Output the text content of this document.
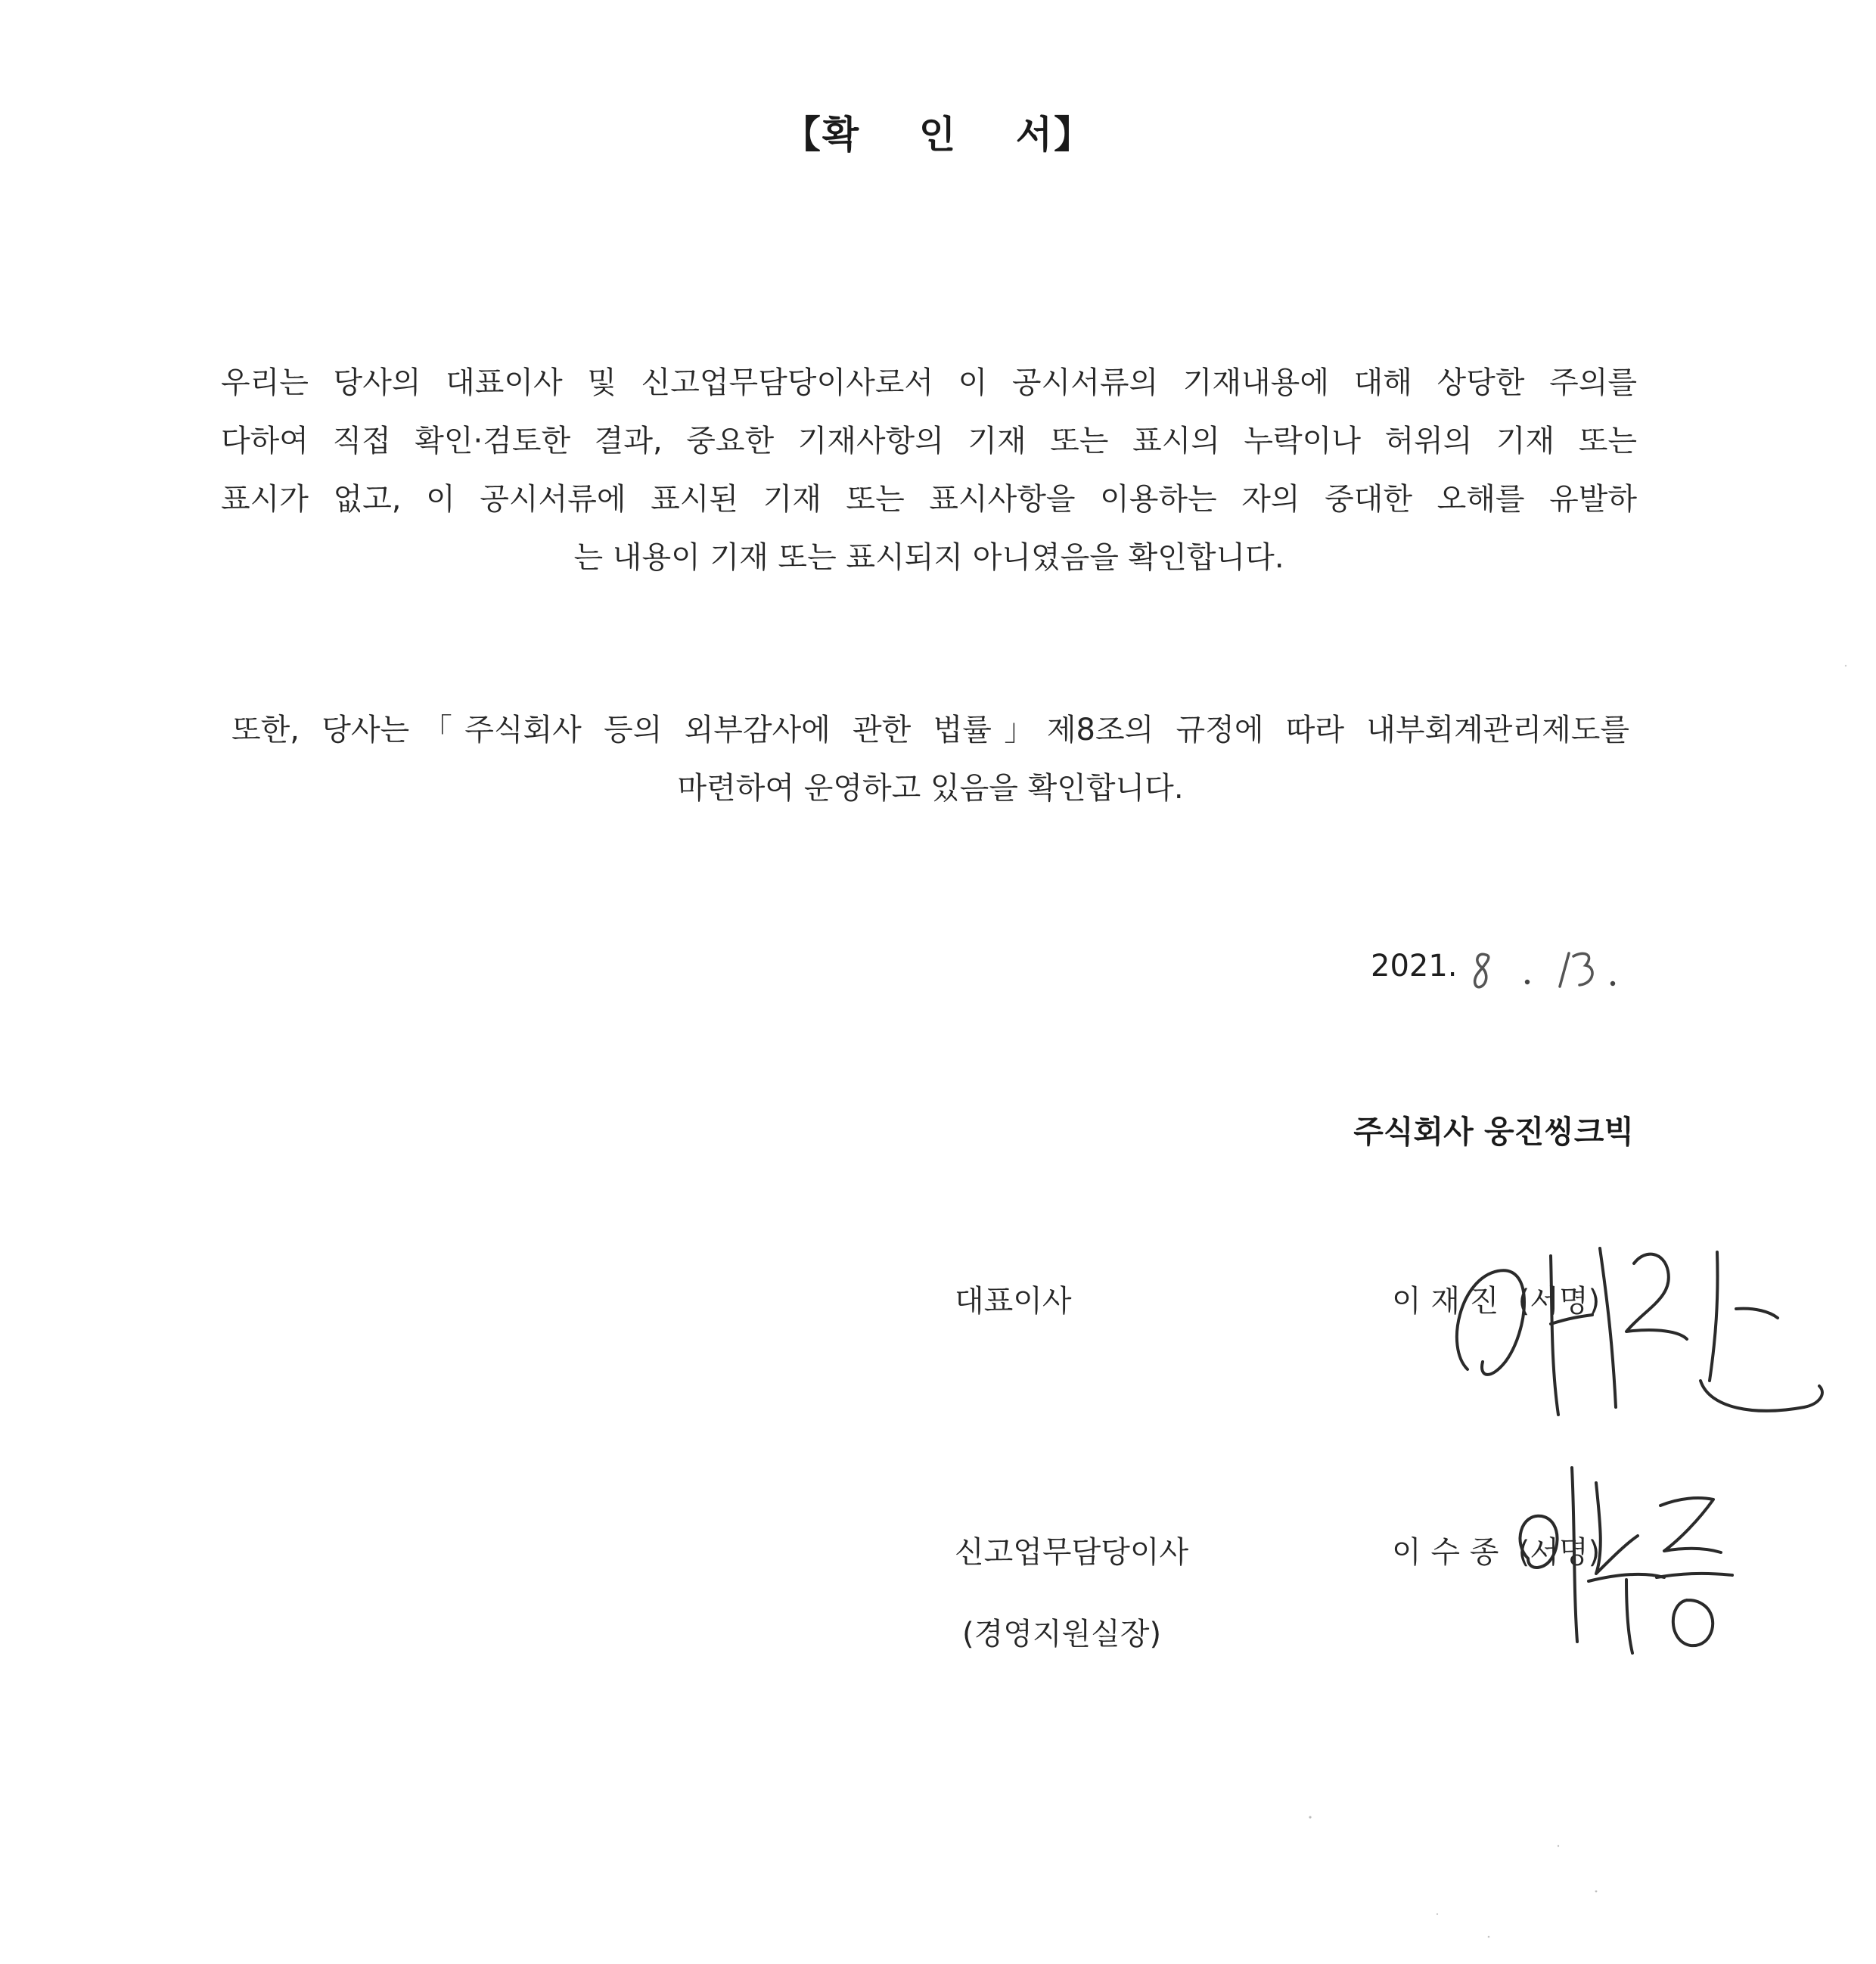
【확    인    서】
우리는 당사의 대표이사 및 신고업무담당이사로서 이 공시서류의 기재내용에 대해 상당한 주의를
다하여 직접 확인·검토한 결과, 중요한 기재사항의 기재 또는 표시의 누락이나 허위의 기재 또는
표시가 없고, 이 공시서류에 표시된 기재 또는 표시사항을 이용하는 자의 중대한 오해를 유발하
는 내용이 기재 또는 표시되지 아니였음을 확인합니다.
또한, 당사는「주식회사 등의 외부감사에 관한 법률」제8조의 규정에 따라 내부회계관리제도를
마련하여 운영하고 있음을 확인합니다.
2021.
주식회사 웅진씽크빅
대표이사	이 재 진 (서명)
신고업무담당이사
(경영지원실장)
이 수 종 (서명)
